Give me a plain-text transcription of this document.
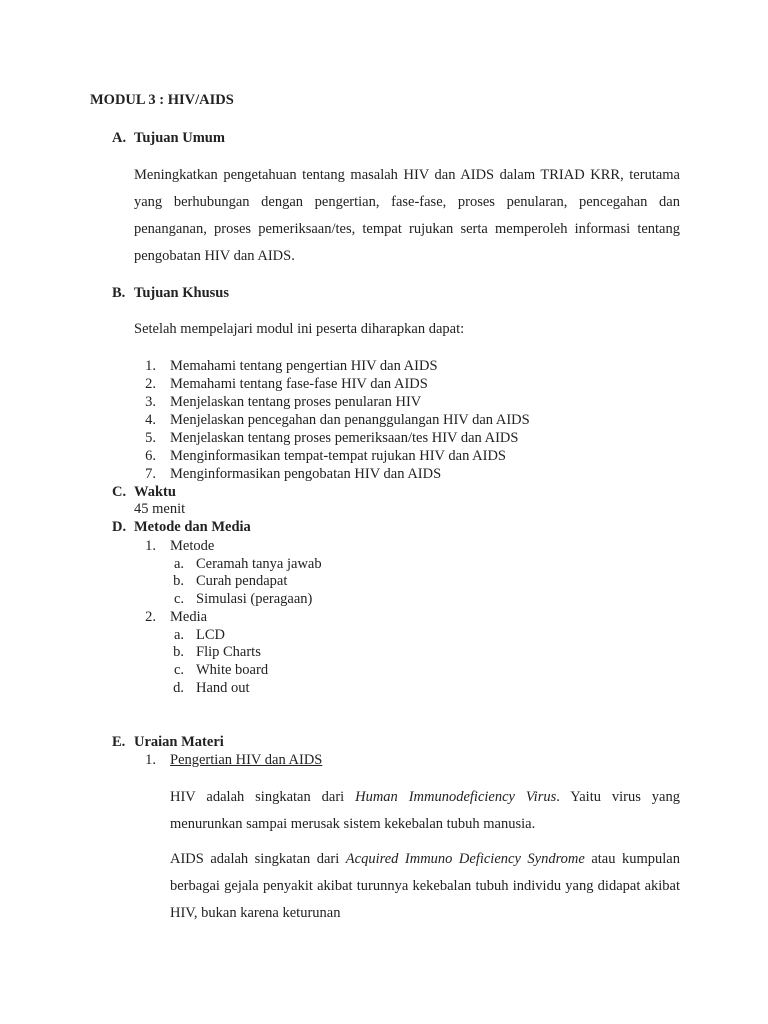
MODUL 3 : HIV/AIDS
A. Tujuan Umum
Meningkatkan pengetahuan tentang masalah HIV dan AIDS dalam TRIAD KRR, terutama yang berhubungan dengan pengertian, fase-fase, proses penularan, pencegahan dan penanganan, proses pemeriksaan/tes, tempat rujukan serta memperoleh informasi tentang pengobatan HIV dan AIDS.
B. Tujuan Khusus
Setelah mempelajari modul ini peserta diharapkan dapat:
1. Memahami tentang pengertian HIV dan AIDS
2. Memahami tentang fase-fase HIV dan AIDS
3. Menjelaskan tentang proses penularan HIV
4. Menjelaskan pencegahan dan penanggulangan HIV dan AIDS
5. Menjelaskan tentang proses pemeriksaan/tes HIV dan AIDS
6. Menginformasikan tempat-tempat rujukan HIV dan AIDS
7. Menginformasikan pengobatan HIV dan AIDS
C. Waktu
45 menit
D. Metode dan Media
1. Metode
a. Ceramah tanya jawab
b. Curah pendapat
c. Simulasi (peragaan)
2. Media
a. LCD
b. Flip Charts
c. White board
d. Hand out
E. Uraian Materi
1. Pengertian HIV dan AIDS
HIV adalah singkatan dari Human Immunodeficiency Virus. Yaitu virus yang menurunkan sampai merusak sistem kekebalan tubuh manusia.
AIDS adalah singkatan dari Acquired Immuno Deficiency Syndrome atau kumpulan berbagai gejala penyakit akibat turunnya kekebalan tubuh individu yang didapat akibat HIV, bukan karena keturunan
